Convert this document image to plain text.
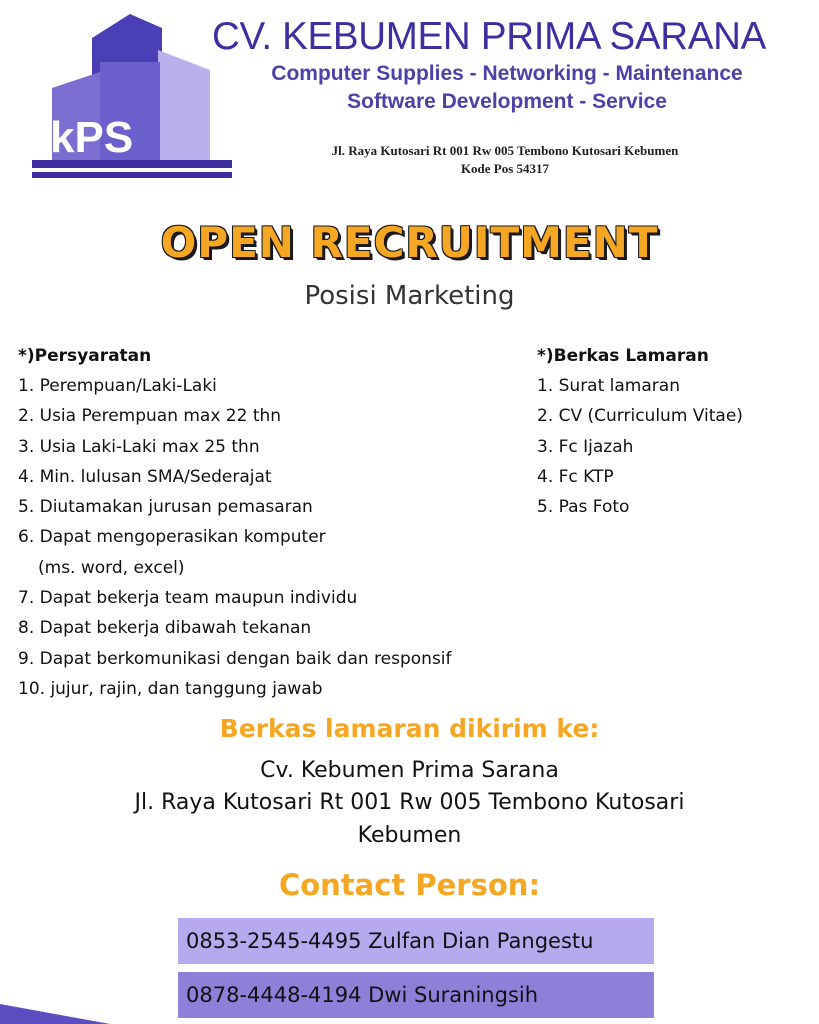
kPS
CV. KEBUMEN PRIMA SARANA
Computer Supplies - Networking - Maintenance
Software Development - Service
Jl. Raya Kutosari Rt 001 Rw 005 Tembono Kutosari Kebumen
Kode Pos 54317
OPEN RECRUITMENT
Posisi Marketing
*)Persyaratan
1. Perempuan/Laki-Laki
2. Usia Perempuan max 22 thn
3. Usia Laki-Laki max 25 thn
4. Min. lulusan SMA/Sederajat
5. Diutamakan jurusan pemasaran
6. Dapat mengoperasikan komputer
(ms. word, excel)
7. Dapat bekerja team maupun individu
8. Dapat bekerja dibawah tekanan
9. Dapat berkomunikasi dengan baik dan responsif
10. jujur, rajin, dan tanggung jawab
*)Berkas Lamaran
1. Surat lamaran
2. CV (Curriculum Vitae)
3. Fc Ijazah
4. Fc KTP
5. Pas Foto
Berkas lamaran dikirim ke:
Cv. Kebumen Prima Sarana
Jl. Raya Kutosari Rt 001 Rw 005 Tembono Kutosari
Kebumen
Contact Person:
0853-2545-4495 Zulfan Dian Pangestu
0878-4448-4194 Dwi Suraningsih
